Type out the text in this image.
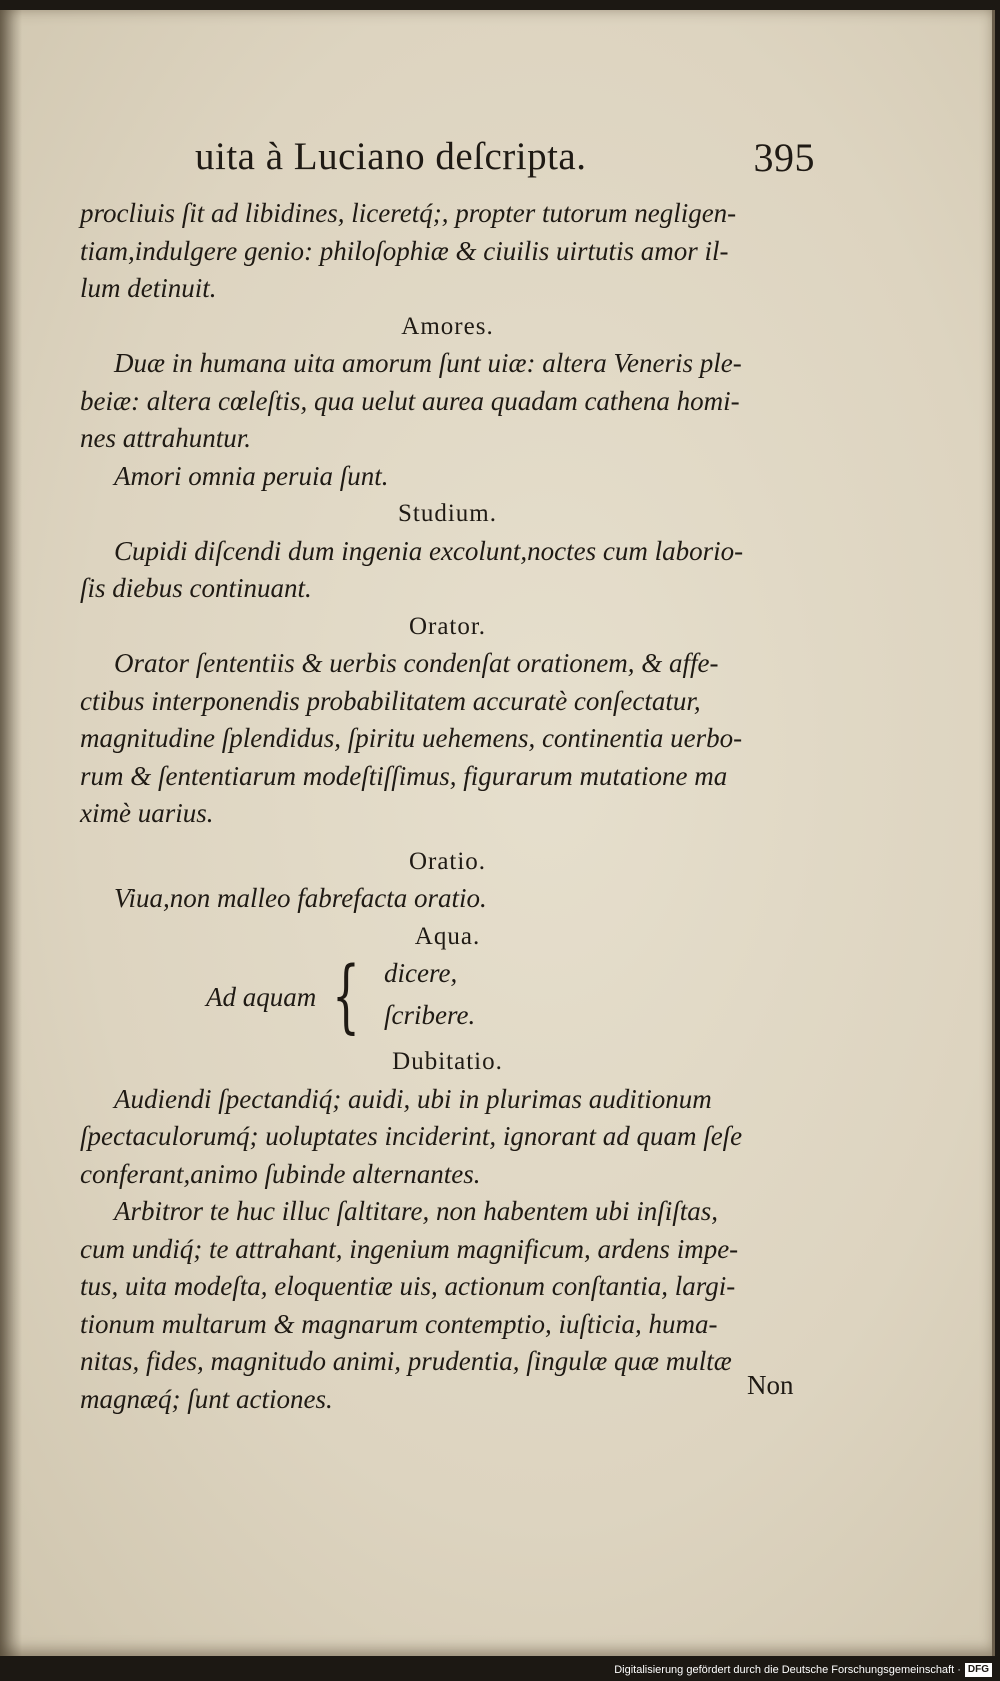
uita à Luciano deſcripta.	395

procliuis ſit ad libidines, liceretq́;, propter tutorum negligen‑

tiam,indulgere genio: philoſophiæ & ciuilis uirtutis amor il‑

lum detinuit.

Amores.

Duæ in humana uita amorum ſunt uiæ: altera Veneris ple‑

beiæ: altera cœleſtis, qua uelut aurea quadam cathena homi‑

nes attrahuntur.

Amori omnia peruia ſunt.

Studium.

Cupidi diſcendi dum ingenia excolunt,noctes cum laborio‑

ſis diebus continuant.

Orator.

Orator ſententiis & uerbis condenſat orationem, & affe‑

ctibus interponendis probabilitatem accuratè conſectatur,

magnitudine ſplendidus, ſpiritu uehemens, continentia uerbo‑

rum & ſententiarum modeſtiſſimus, figurarum mutatione ma

ximè uarius.

Oratio.

Viua,non malleo fabrefacta oratio.

Aqua.

Ad aquam { dicere,
ſcribere.

Dubitatio.

Audiendi ſpectandiq́; auidi, ubi in plurimas auditionum

ſpectaculorumq́; uoluptates inciderint, ignorant ad quam ſeſe

conferant,animo ſubinde alternantes.

Arbitror te huc illuc ſaltitare, non habentem ubi inſiſtas,

cum undiq́; te attrahant, ingenium magnificum, ardens impe‑

tus, uita modeſta, eloquentiæ uis, actionum conſtantia, largi‑

tionum multarum & magnarum contemptio, iuſticia, huma‑

nitas, fides, magnitudo animi, prudentia, ſingulæ quæ multæ

magnæq́; ſunt actiones.	Non
Digitalisierung gefördert durch die Deutsche Forschungsgemeinschaft · DFG
